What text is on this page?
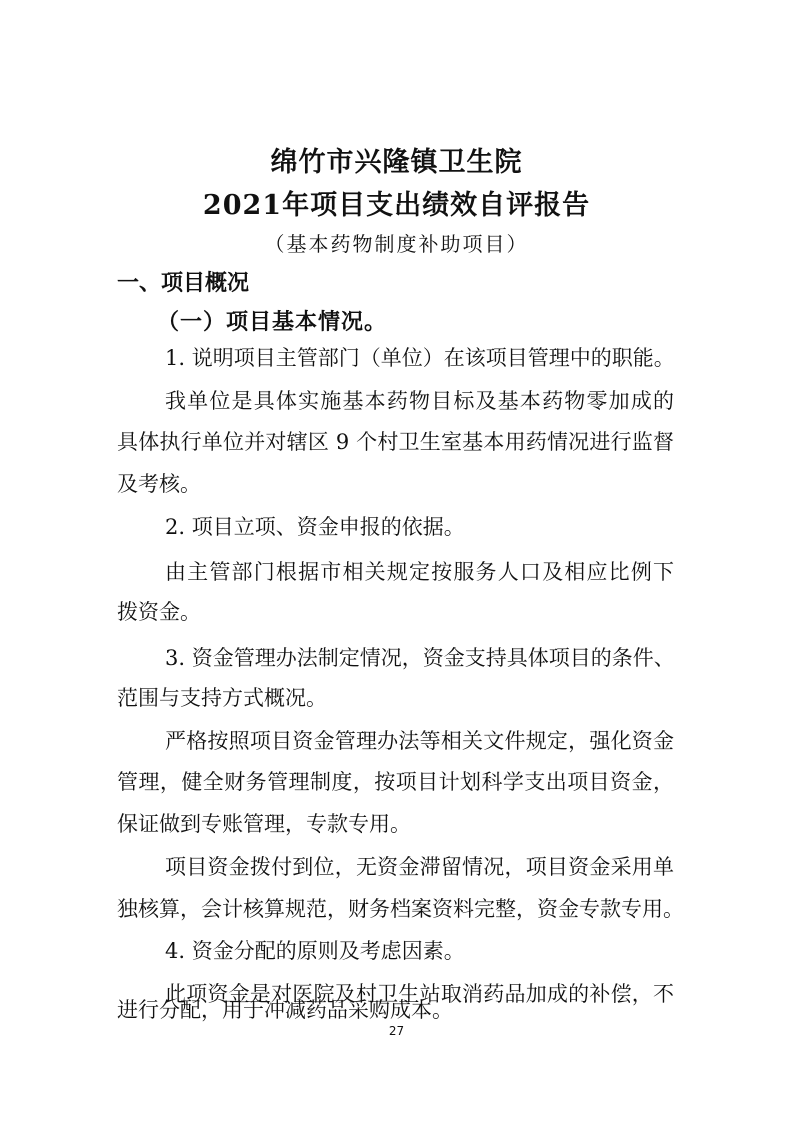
绵竹市兴隆镇卫生院
2021年项目支出绩效自评报告

（基本药物制度补助项目）

一、项目概况
（一）项目基本情况。

1. 说明项目主管部门（单位）在该项目管理中的职能。

我单位是具体实施基本药物目标及基本药物零加成的

具体执行单位并对辖区 9 个村卫生室基本用药情况进行监督

及考核。

2. 项目立项、资金申报的依据。

由主管部门根据市相关规定按服务人口及相应比例下

拨资金。

3. 资金管理办法制定情况，资金支持具体项目的条件、

范围与支持方式概况。

严格按照项目资金管理办法等相关文件规定，强化资金

管理，健全财务管理制度，按项目计划科学支出项目资金，

保证做到专账管理，专款专用。

项目资金拨付到位，无资金滞留情况，项目资金采用单

独核算，会计核算规范，财务档案资料完整，资金专款专用。

4. 资金分配的原则及考虑因素。

此项资金是对医院及村卫生站取消药品加成的补偿，不

进行分配，用于冲减药品采购成本。

27
